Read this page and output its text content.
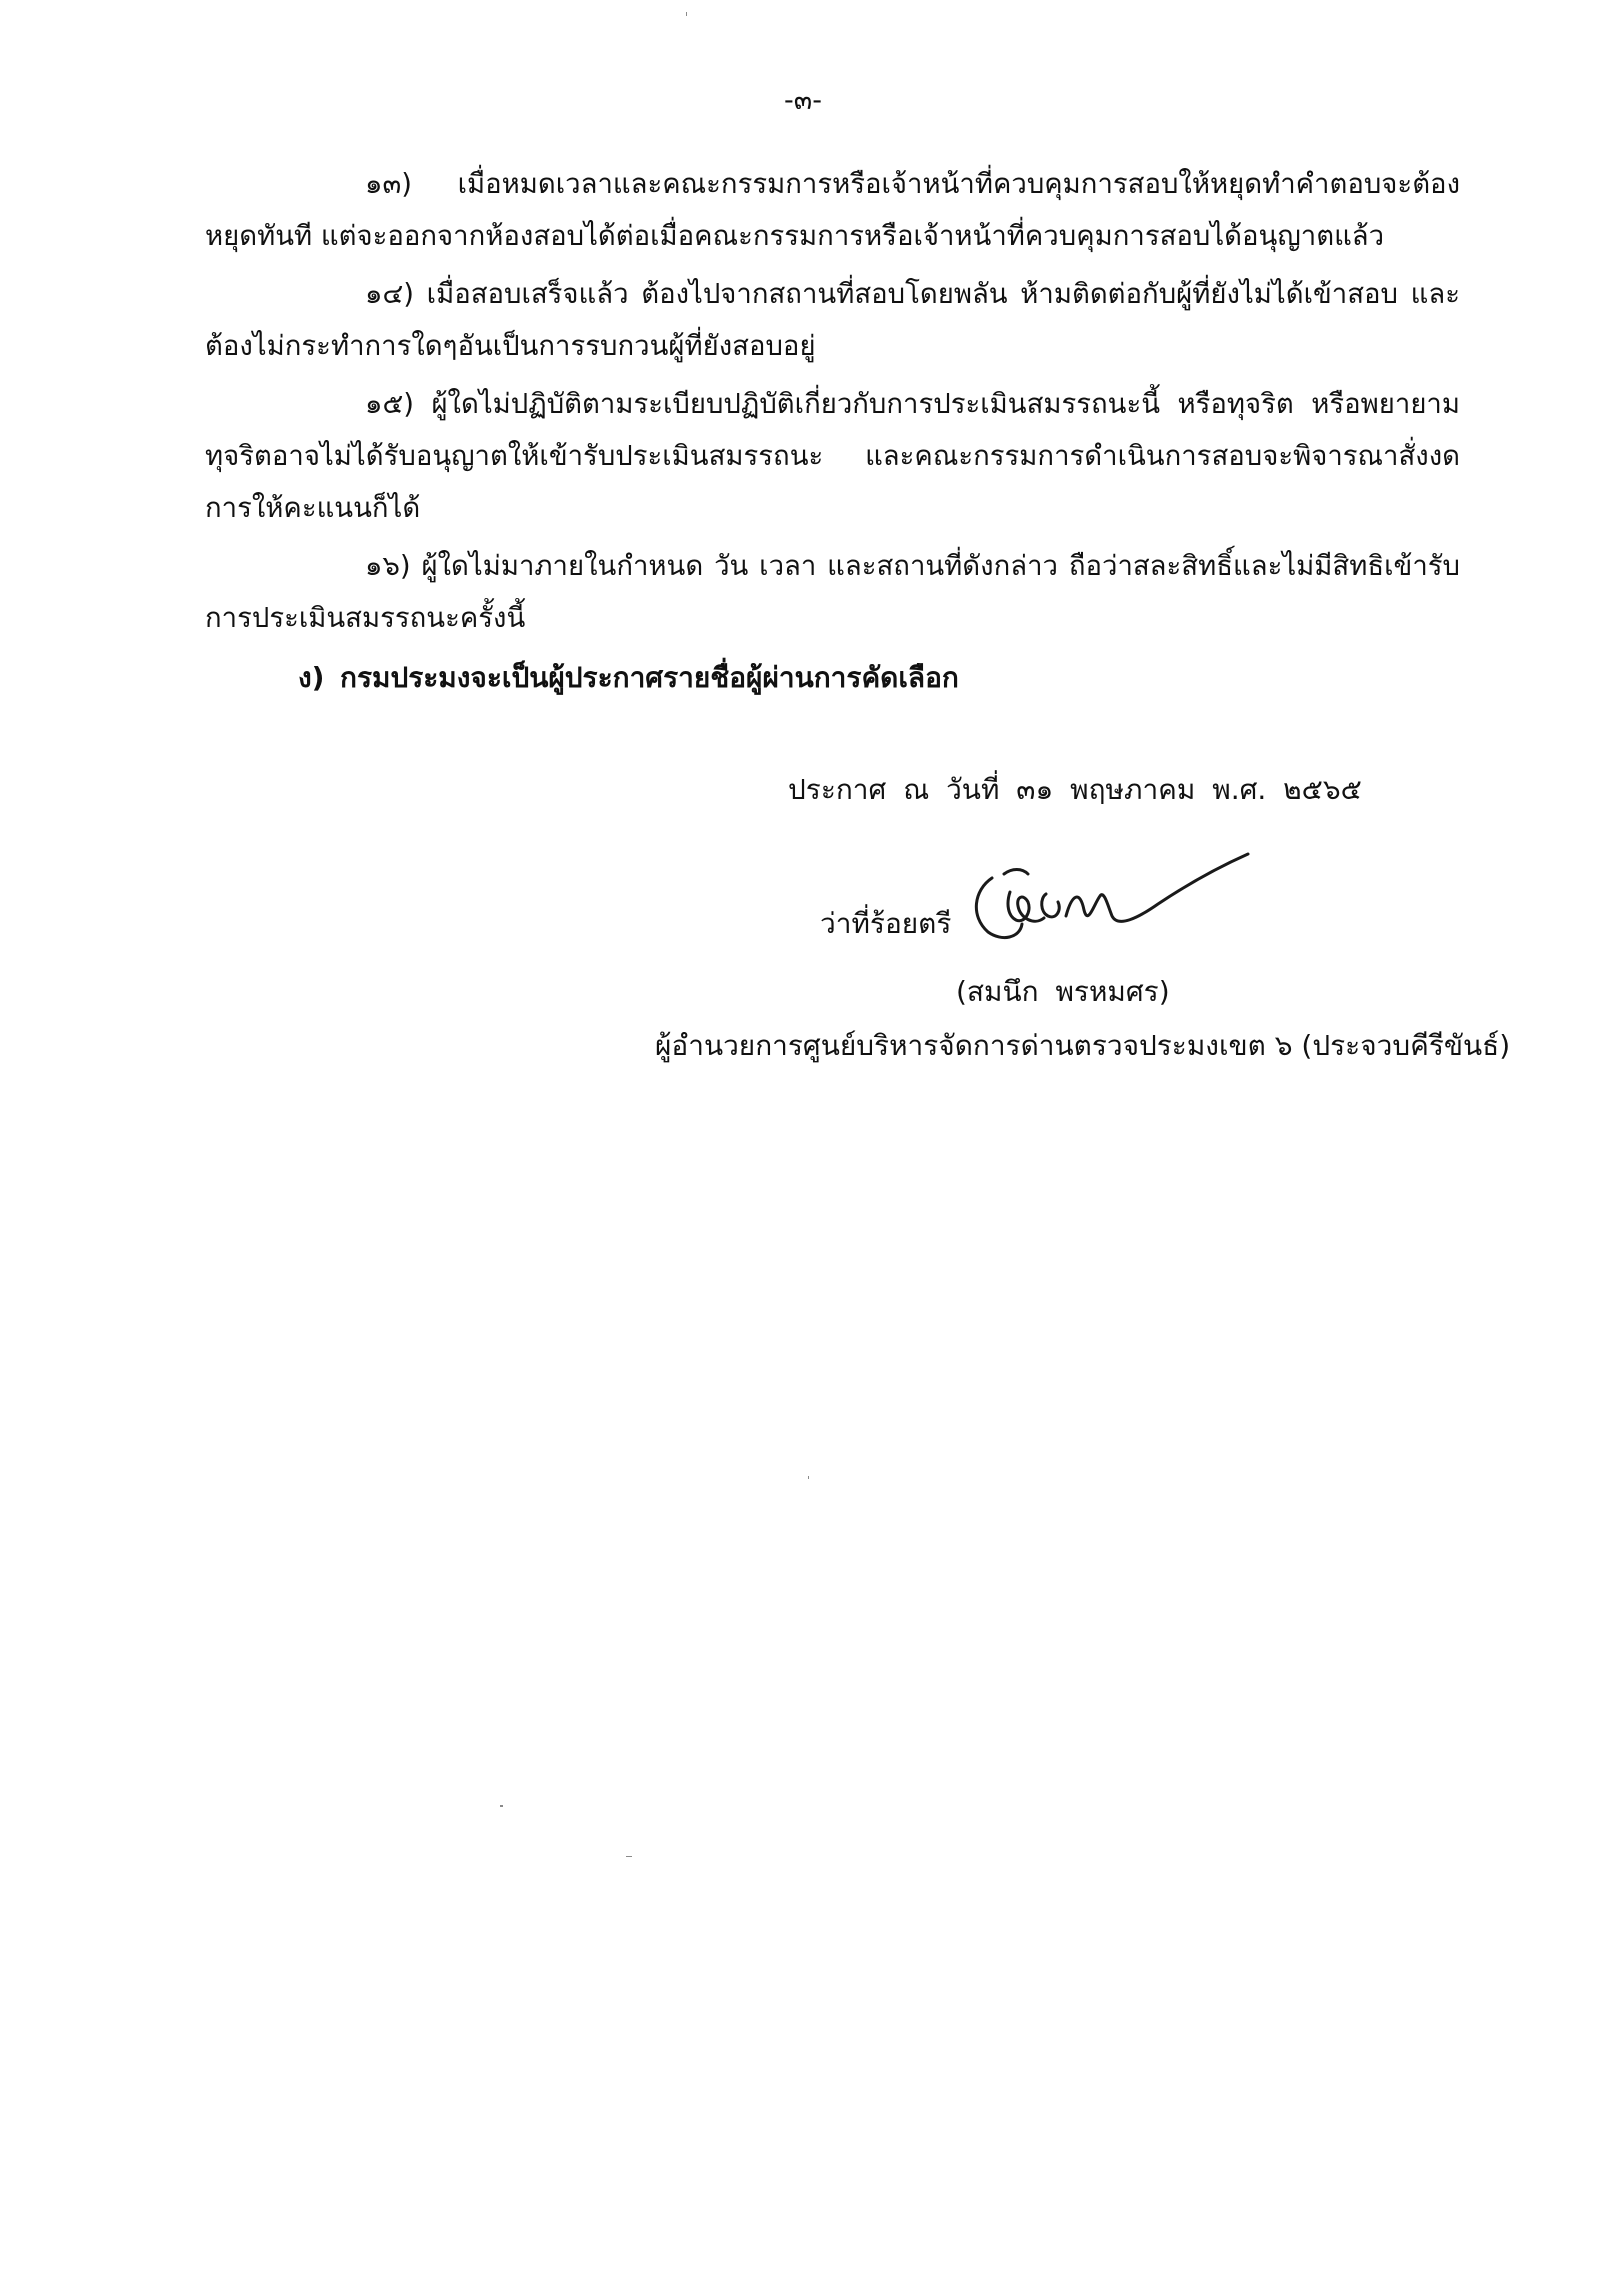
-๓-

๑๓) เมื่อหมดเวลาและคณะกรรมการหรือเจ้าหน้าที่ควบคุมการสอบให้หยุดทำคำตอบจะต้องหยุดทันที แต่จะออกจากห้องสอบได้ต่อเมื่อคณะกรรมการหรือเจ้าหน้าที่ควบคุมการสอบได้อนุญาตแล้ว

๑๔) เมื่อสอบเสร็จแล้ว ต้องไปจากสถานที่สอบโดยพลัน ห้ามติดต่อกับผู้ที่ยังไม่ได้เข้าสอบ และต้องไม่กระทำการใดๆอันเป็นการรบกวนผู้ที่ยังสอบอยู่

๑๕) ผู้ใดไม่ปฏิบัติตามระเบียบปฏิบัติเกี่ยวกับการประเมินสมรรถนะนี้ หรือทุจริต หรือพยายามทุจริตอาจไม่ได้รับอนุญาตให้เข้ารับประเมินสมรรถนะ และคณะกรรมการดำเนินการสอบจะพิจารณาสั่งงดการให้คะแนนก็ได้

๑๖) ผู้ใดไม่มาภายในกำหนด วัน เวลา และสถานที่ดังกล่าว ถือว่าสละสิทธิ์และไม่มีสิทธิเข้ารับการประเมินสมรรถนะครั้งนี้

ง) กรมประมงจะเป็นผู้ประกาศรายชื่อผู้ผ่านการคัดเลือก
ประกาศ ณ วันที่ ๓๑ พฤษภาคม พ.ศ. ๒๕๖๕
ว่าที่ร้อยตรี
(สมนึก พรหมศร)
ผู้อำนวยการศูนย์บริหารจัดการด่านตรวจประมงเขต ๖ (ประจวบคีรีขันธ์)
